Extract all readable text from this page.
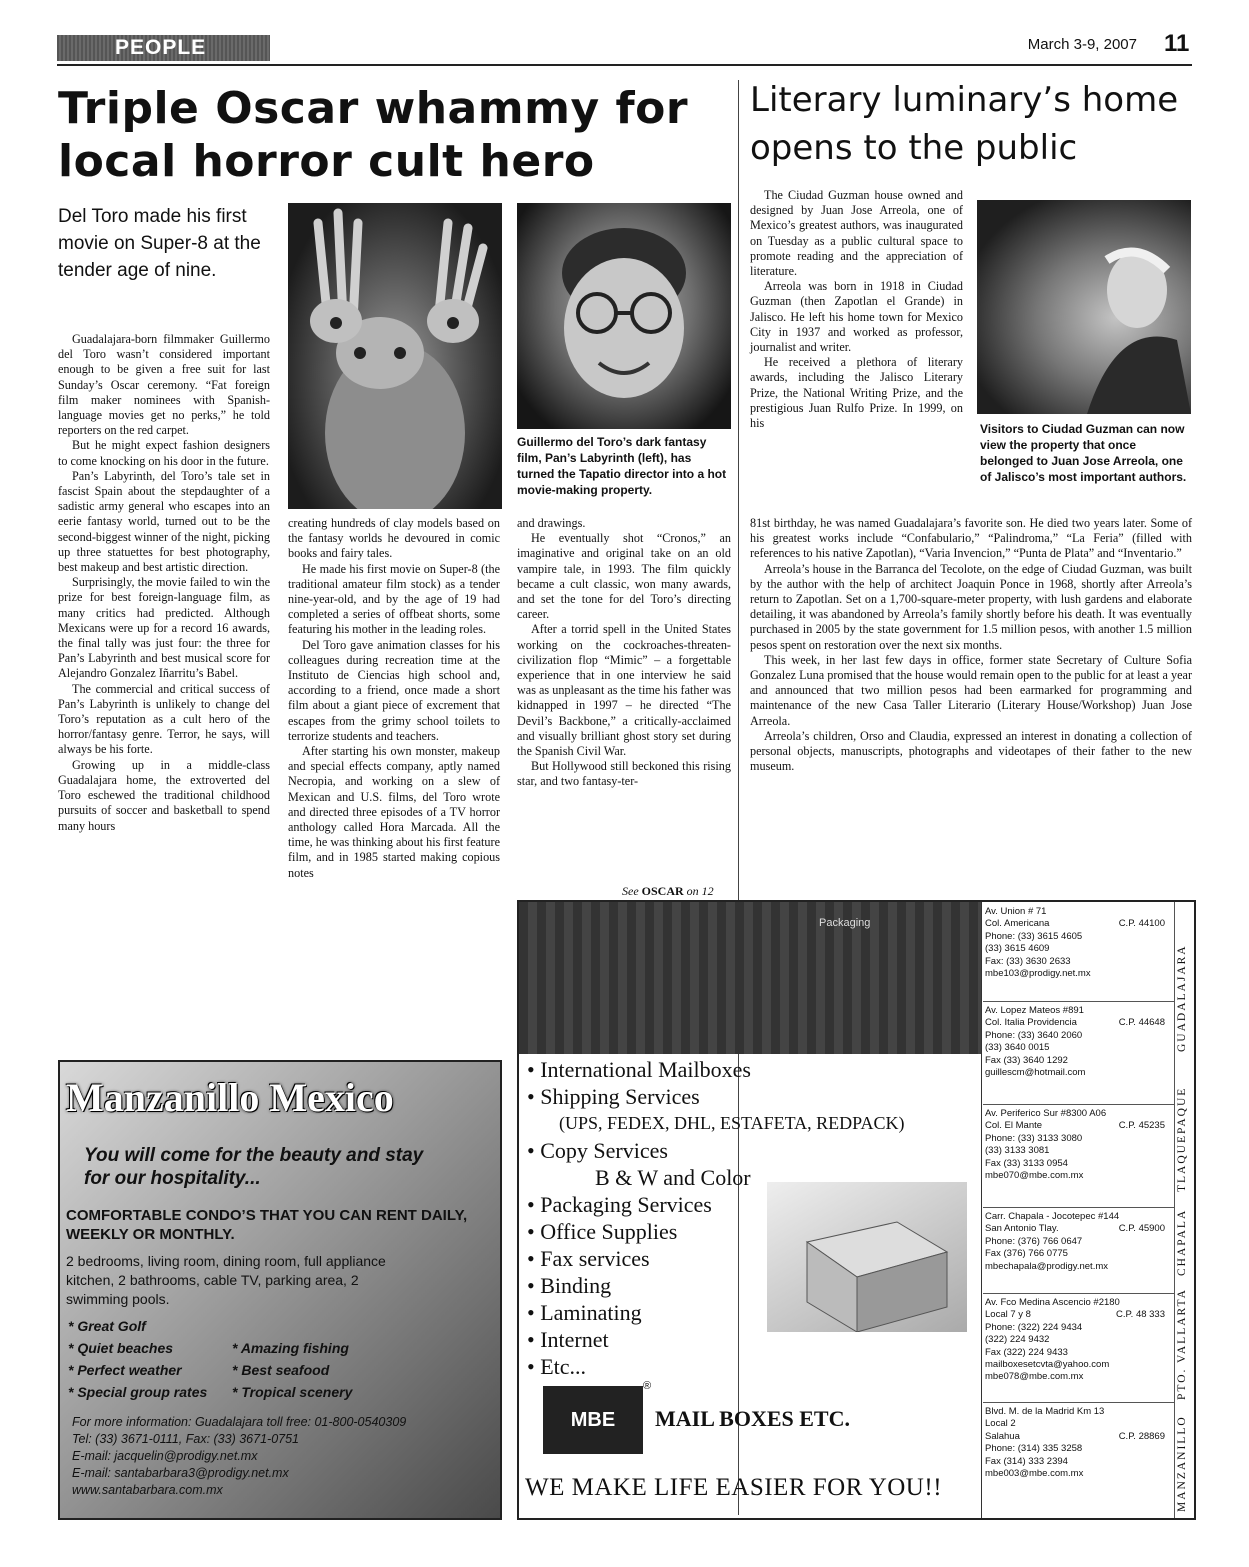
PEOPLE	March 3-9, 2007 11
Triple Oscar whammy for local horror cult hero
Literary luminary’s home opens to the public
Del Toro made his first movie on Super-8 at the tender age of nine.

Guadalajara-born filmmaker Guillermo del Toro wasn’t considered important enough to be given a free suit for last Sunday’s Oscar ceremony. “Fat foreign film maker nominees with Spanish-language movies get no perks,” he told reporters on the red carpet.

But he might expect fashion designers to come knocking on his door in the future.

Pan’s Labyrinth, del Toro’s tale set in fascist Spain about the stepdaughter of a sadistic army general who escapes into an eerie fantasy world, turned out to be the second-biggest winner of the night, picking up three statuettes for best photography, best makeup and best artistic direction.

Surprisingly, the movie failed to win the prize for best foreign-language film, as many critics had predicted. Although Mexicans were up for a record 16 awards, the final tally was just four: the three for Pan’s Labyrinth and best musical score for Alejandro Gonzalez Iñarritu’s Babel.

The commercial and critical success of Pan’s Labyrinth is unlikely to change del Toro’s reputation as a cult hero of the horror/fantasy genre. Terror, he says, will always be his forte.

Growing up in a middle-class Guadalajara home, the extroverted del Toro eschewed the traditional childhood pursuits of soccer and basketball to spend many hours

creating hundreds of clay models based on the fantasy worlds he devoured in comic books and fairy tales.

He made his first movie on Super-8 (the traditional amateur film stock) as a tender nine-year-old, and by the age of 19 had completed a series of offbeat shorts, some featuring his mother in the leading roles.

Del Toro gave animation classes for his colleagues during recreation time at the Instituto de Ciencias high school and, according to a friend, once made a short film about a giant piece of excrement that escapes from the grimy school toilets to terrorize students and teachers.

After starting his own monster, makeup and special effects company, aptly named Necropia, and working on a slew of Mexican and U.S. films, del Toro wrote and directed three episodes of a TV horror anthology called Hora Marcada. All the time, he was thinking about his first feature film, and in 1985 started making copious notes

Guillermo del Toro’s dark fantasy film, Pan’s Labyrinth (left), has turned the Tapatio director into a hot movie-making property.

and drawings.

He eventually shot “Cronos,” an imaginative and original take on an old vampire tale, in 1993. The film quickly became a cult classic, won many awards, and set the tone for del Toro’s directing career.

After a torrid spell in the United States working on the cockroaches-threaten-civilization flop “Mimic” – a forgettable experience that in one interview he said was as unpleasant as the time his father was kidnapped in 1997 – he directed “The Devil’s Backbone,” a critically-acclaimed and visually brilliant ghost story set during the Spanish Civil War.

But Hollywood still beckoned this rising star, and two fantasy-ter-

See OSCAR on 12

The Ciudad Guzman house owned and designed by Juan Jose Arreola, one of Mexico’s greatest authors, was inaugurated on Tuesday as a public cultural space to promote reading and the appreciation of literature.

Arreola was born in 1918 in Ciudad Guzman (then Zapotlan el Grande) in Jalisco. He left his home town for Mexico City in 1937 and worked as professor, journalist and writer.

He received a plethora of literary awards, including the Jalisco Literary Prize, the National Writing Prize, and the prestigious Juan Rulfo Prize. In 1999, on his	Visitors to Ciudad Guzman can now view the property that once belonged to Juan Jose Arreola, one of Jalisco’s most important authors.

81st birthday, he was named Guadalajara’s favorite son. He died two years later. Some of his greatest works include “Confabulario,” “Palindroma,” “La Feria” (filled with references to his native Zapotlan), “Varia Invencion,” “Punta de Plata” and “Inventario.”

Arreola’s house in the Barranca del Tecolote, on the edge of Ciudad Guzman, was built by the author with the help of architect Joaquin Ponce in 1968, shortly after Arreola’s return to Zapotlan. Set on a 1,700-square-meter property, with lush gardens and elaborate detailing, it was abandoned by Arreola’s family shortly before his death. It was eventually purchased in 2005 by the state government for 1.5 million pesos, with another 1.5 million pesos spent on restoration over the next six months.

This week, in her last few days in office, former state Secretary of Culture Sofia Gonzalez Luna promised that the house would remain open to the public for at least a year and announced that two million pesos had been earmarked for programming and maintenance of the new Casa Taller Literario (Literary House/Workshop) Juan Jose Arreola.

Arreola’s children, Orso and Claudia, expressed an interest in donating a collection of personal objects, manuscripts, photographs and videotapes of their father to the new museum.

Manzanillo Mexico
You will come for the beauty and stay for our hospitality...
COMFORTABLE CONDO’S THAT YOU CAN RENT DAILY, WEEKLY OR MONTHLY.
2 bedrooms, living room, dining room, full appliance kitchen, 2 bathrooms, cable TV, parking area, 2 swimming pools.
* Great Golf
* Quiet beaches
* Perfect weather
* Special group rates
* Amazing fishing
* Best seafood
* Tropical scenery
For more information: Guadalajara toll free: 01-800-0540309
Tel: (33) 3671-0111, Fax: (33) 3671-0751
E-mail: jacquelin@prodigy.net.mx
E-mail: santabarbara3@prodigy.net.mx
www.santabarbara.com.mx
Packaging
• International Mailboxes
• Shipping Services
(UPS, FEDEX, DHL, ESTAFETA, REDPACK)
• Copy Services
B & W and Color
• Packaging Services
• Office Supplies
• Fax services
• Binding
• Laminating
• Internet
• Etc...
MBE
®
MAIL BOXES ETC.
WE MAKE LIFE EASIER FOR YOU!!
Av. Union # 71
Col. Americana
Phone: (33) 3615 4605
(33) 3615 4609
Fax: (33) 3630 2633
mbe103@prodigy.net.mx
C.P. 44100
Av. Lopez Mateos #891
Col. Italia Providencia
Phone: (33) 3640 2060
(33) 3640 0015
Fax (33) 3640 1292
guillescm@hotmail.com
C.P. 44648
Av. Periferico Sur #8300 A06
Col. El Mante
Phone: (33) 3133 3080
(33) 3133 3081
Fax (33) 3133 0954
mbe070@mbe.com.mx
C.P. 45235
Carr. Chapala - Jocotepec #144
San Antonio Tlay.
Phone: (376) 766 0647
Fax (376) 766 0775
mbechapala@prodigy.net.mx
C.P. 45900
Av. Fco Medina Ascencio #2180
Local 7 y 8
Phone: (322) 224 9434
(322) 224 9432
Fax (322) 224 9433
mailboxesetcvta@yahoo.com
mbe078@mbe.com.mx
C.P. 48 333
Blvd. M. de la Madrid Km 13
Local 2
Salahua
Phone: (314) 335 3258
Fax (314) 333 2394
mbe003@mbe.com.mx
C.P. 28869
GUADALAJARA
TLAQUEPAQUE
CHAPALA
PTO. VALLARTA
MANZANILLO
